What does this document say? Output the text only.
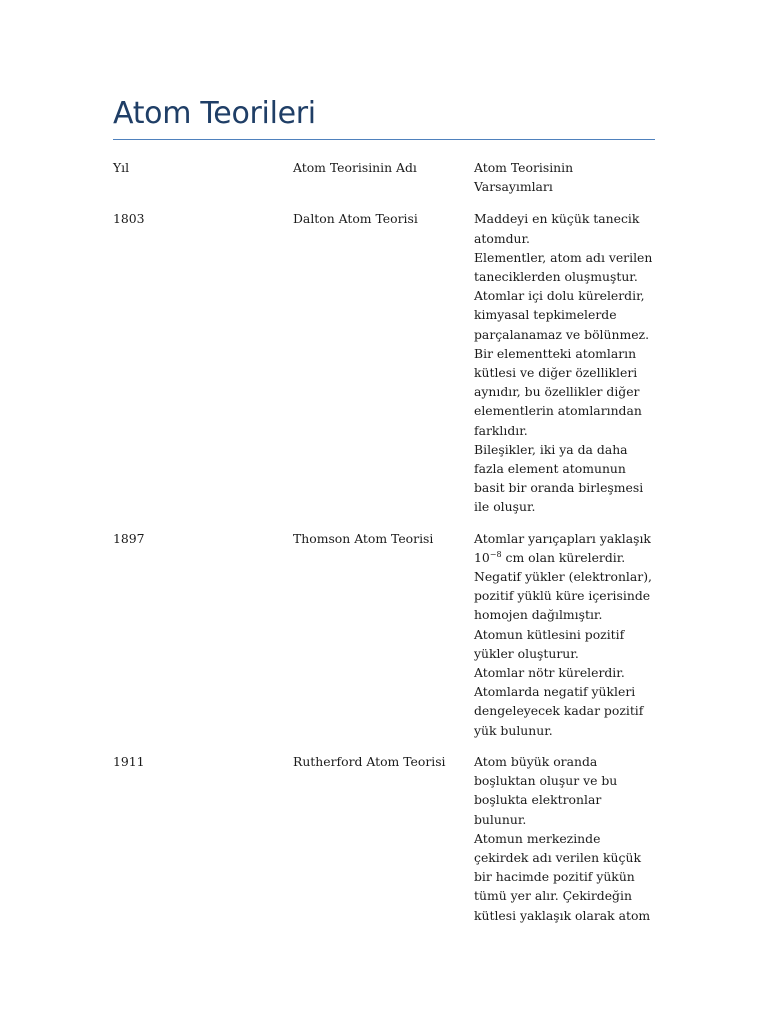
Atom Teorileri
Yıl	Atom Teorisinin Adı	Atom Teorisinin Varsayımları
1803	Dalton Atom Teorisi	Maddeyi en küçük tanecik atomdur.
Elementler, atom adı verilen taneciklerden oluşmuştur.
Atomlar içi dolu kürelerdir, kimyasal tepkimelerde parçalanamaz ve bölünmez.
Bir elementteki atomların kütlesi ve diğer özellikleri aynıdır, bu özellikler diğer elementlerin atomlarından farklıdır.
Bileşikler, iki ya da daha fazla element atomunun basit bir oranda birleşmesi ile oluşur.

1897	Thomson Atom Teorisi	Atomlar yarıçapları yaklaşık $10^{-8}$ cm olan kürelerdir.
Negatif yükler (elektronlar), pozitif yüklü küre içerisinde homojen dağılmıştır.
Atomun kütlesini pozitif yükler oluşturur.
Atomlar nötr kürelerdir.
Atomlarda negatif yükleri dengeleyecek kadar pozitif yük bulunur.

1911	Rutherford Atom Teorisi	Atom büyük oranda boşluktan oluşur ve bu boşlukta elektronlar bulunur.
Atomun merkezinde çekirdek adı verilen küçük bir hacimde pozitif yükün tümü yer alır. Çekirdeğin kütlesi yaklaşık olarak atom
